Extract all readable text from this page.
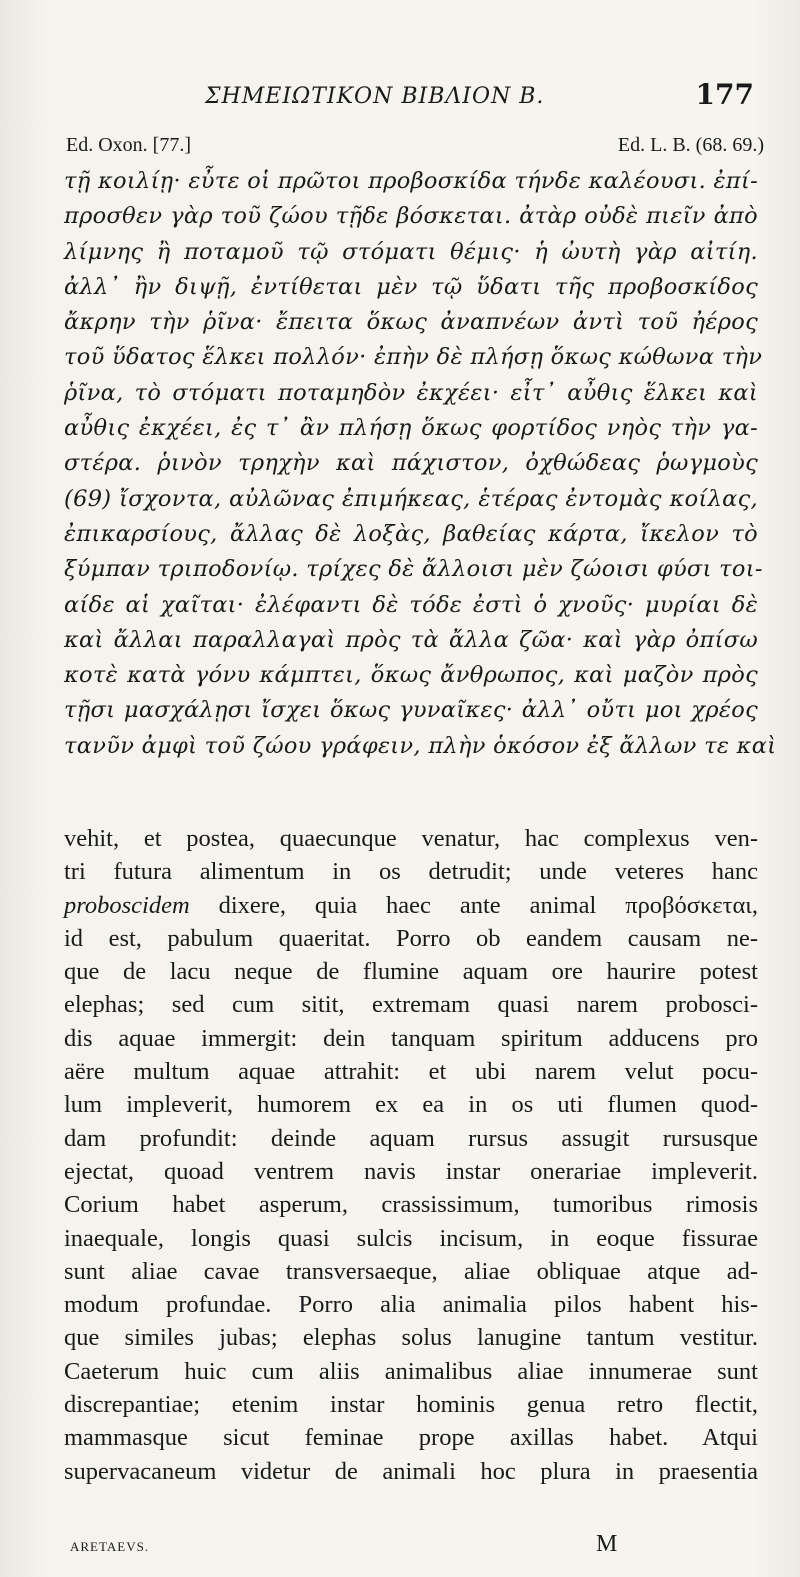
ΣΗΜΕΙΩΤΙΚΟΝ ΒΙΒΛΙΟΝ Β.	177
Ed. Oxon. [77.]	Ed. L. B. (68. 69.)
τῇ κοιλίῃ· εὖτε οἱ πρῶτοι προβοσκίδα τήνδε καλέουσι. ἐπί-
προσθεν γὰρ τοῦ ζώου τῇδε βόσκεται. ἀτὰρ οὐδὲ πιεῖν ἀπὸ
λίμνης ἢ ποταμοῦ τῷ στόματι θέμις· ἡ ὠυτὴ γὰρ αἰτίη.
ἀλλ᾽ ἢν διψῇ, ἐντίθεται μὲν τῷ ὕδατι τῆς προβοσκίδος
ἄκρην τὴν ῥῖνα· ἔπειτα ὅκως ἀναπνέων ἀντὶ τοῦ ἠέρος
τοῦ ὕδατος ἕλκει πολλόν· ἐπὴν δὲ πλήσῃ ὅκως κώθωνα τὴν
ῥῖνα, τὸ στόματι ποταμηδὸν ἐκχέει· εἶτ᾽ αὖθις ἕλκει καὶ
αὖθις ἐκχέει, ἐς τ᾽ ἂν πλήσῃ ὅκως φορτίδος νηὸς τὴν γα-
στέρα. ῥινὸν τρηχὴν καὶ πάχιστον, ὀχθώδεας ῥωγμοὺς
(69) ἴσχοντα, αὐλῶνας ἐπιμήκεας, ἑτέρας ἐντομὰς κοίλας,
ἐπικαρσίους, ἄλλας δὲ λοξὰς, βαθείας κάρτα, ἴκελον τὸ
ξύμπαν τριποδονίῳ. τρίχες δὲ ἄλλοισι μὲν ζώοισι φύσι τοι-
αίδε αἱ χαῖται· ἐλέφαντι δὲ τόδε ἐστὶ ὁ χνοῦς· μυρίαι δὲ
καὶ ἄλλαι παραλλαγαὶ πρὸς τὰ ἄλλα ζῶα· καὶ γὰρ ὀπίσω
κοτὲ κατὰ γόνυ κάμπτει, ὅκως ἄνθρωπος, καὶ μαζὸν πρὸς
τῇσι μασχάλῃσι ἴσχει ὅκως γυναῖκες· ἀλλ᾽ οὔτι μοι χρέος
τανῦν ἀμφὶ τοῦ ζώου γράφειν, πλὴν ὁκόσον ἐξ ἄλλων τε καὶ
vehit, et postea, quaecunque venatur, hac complexus ven-
tri futura alimentum in os detrudit; unde veteres hanc
proboscidem dixere, quia haec ante animal προβόσκεται,
id est, pabulum quaeritat. Porro ob eandem causam ne-
que de lacu neque de flumine aquam ore haurire potest
elephas; sed cum sitit, extremam quasi narem probosci-
dis aquae immergit: dein tanquam spiritum adducens pro
aëre multum aquae attrahit: et ubi narem velut pocu-
lum impleverit, humorem ex ea in os uti flumen quod-
dam profundit: deinde aquam rursus assugit rursusque
ejectat, quoad ventrem navis instar onerariae impleverit.
Corium habet asperum, crassissimum, tumoribus rimosis
inaequale, longis quasi sulcis incisum, in eoque fissurae
sunt aliae cavae transversaeque, aliae obliquae atque ad-
modum profundae. Porro alia animalia pilos habent his-
que similes jubas; elephas solus lanugine tantum vestitur.
Caeterum huic cum aliis animalibus aliae innumerae sunt
discrepantiae; etenim instar hominis genua retro flectit,
mammasque sicut feminae prope axillas habet. Atqui
supervacaneum videtur de animali hoc plura in praesentia
ARETAEVS.	M
